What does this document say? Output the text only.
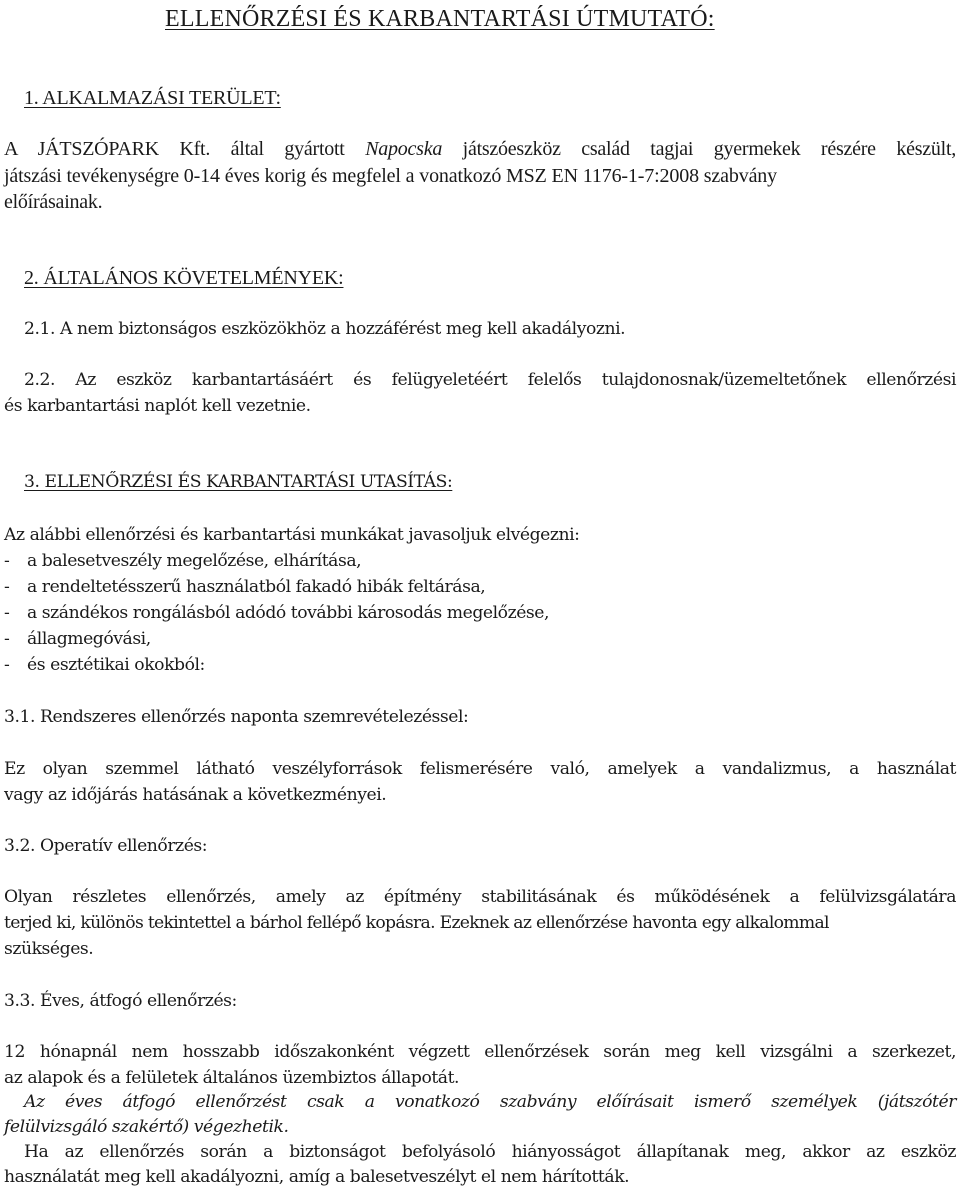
ELLENŐRZÉSI ÉS KARBANTARTÁSI ÚTMUTATÓ:
1. ALKALMAZÁSI TERÜLET:
A JÁTSZÓPARK Kft. által gyártott Napocska játszóeszköz család tagjai gyermekek részére készült,
játszási tevékenységre 0-14 éves korig és megfelel a vonatkozó MSZ EN 1176-1-7:2008 szabvány
előírásainak.
2. ÁLTALÁNOS KÖVETELMÉNYEK:
2.1. A nem biztonságos eszközökhöz a hozzáférést meg kell akadályozni.
2.2. Az eszköz karbantartásáért és felügyeletéért felelős tulajdonosnak/üzemeltetőnek ellenőrzési
és karbantartási naplót kell vezetnie.
3. ELLENŐRZÉSI ÉS KARBANTARTÁSI UTASÍTÁS:
Az alábbi ellenőrzési és karbantartási munkákat javasoljuk elvégezni:
- a balesetveszély megelőzése, elhárítása,
- a rendeltetésszerű használatból fakadó hibák feltárása,
- a szándékos rongálásból adódó további károsodás megelőzése,
- állagmegóvási,
- és esztétikai okokból:
3.1. Rendszeres ellenőrzés naponta szemrevételezéssel:
Ez olyan szemmel látható veszélyforrások felismerésére való, amelyek a vandalizmus, a használat
vagy az időjárás hatásának a következményei.
3.2. Operatív ellenőrzés:
Olyan részletes ellenőrzés, amely az építmény stabilitásának és működésének a felülvizsgálatára
terjed ki, különös tekintettel a bárhol fellépő kopásra. Ezeknek az ellenőrzése havonta egy alkalommal
szükséges.
3.3. Éves, átfogó ellenőrzés:
12 hónapnál nem hosszabb időszakonként végzett ellenőrzések során meg kell vizsgálni a szerkezet,
az alapok és a felületek általános üzembiztos állapotát.
Az éves átfogó ellenőrzést csak a vonatkozó szabvány előírásait ismerő személyek (játszótér
felülvizsgáló szakértő) végezhetik.
Ha az ellenőrzés során a biztonságot befolyásoló hiányosságot állapítanak meg, akkor az eszköz
használatát meg kell akadályozni, amíg a balesetveszélyt el nem hárították.
